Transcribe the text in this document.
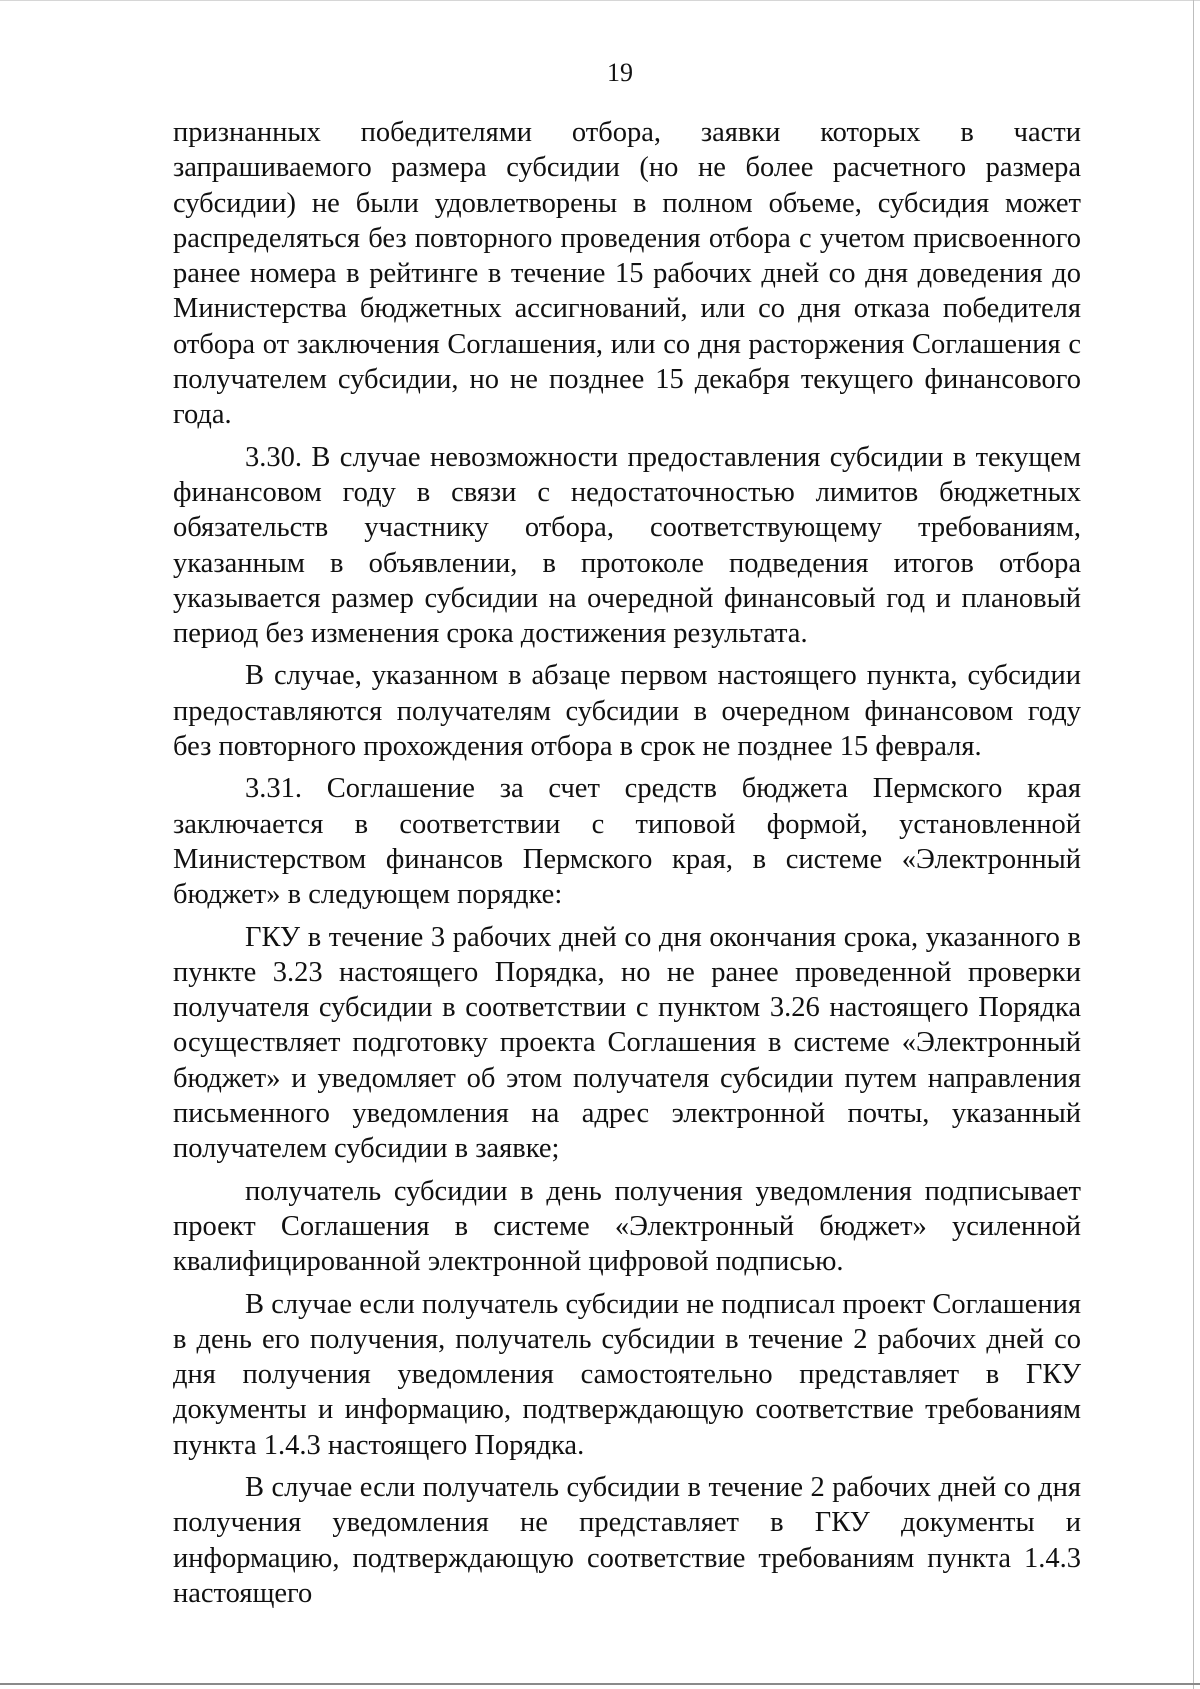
19

признанных победителями отбора, заявки которых в части запрашиваемого размера субсидии (но не более расчетного размера субсидии) не были удовлетворены в полном объеме, субсидия может распределяться без повторного проведения отбора с учетом присвоенного ранее номера в рейтинге в течение 15 рабочих дней со дня доведения до Министерства бюджетных ассигнований, или со дня отказа победителя отбора от заключения Соглашения, или со дня расторжения Соглашения с получателем субсидии, но не позднее 15 декабря текущего финансового года.

3.30. В случае невозможности предоставления субсидии в текущем финансовом году в связи с недостаточностью лимитов бюджетных обязательств участнику отбора, соответствующему требованиям, указанным в объявлении, в протоколе подведения итогов отбора указывается размер субсидии на очередной финансовый год и плановый период без изменения срока достижения результата.

В случае, указанном в абзаце первом настоящего пункта, субсидии предоставляются получателям субсидии в очередном финансовом году без повторного прохождения отбора в срок не позднее 15 февраля.

3.31. Соглашение за счет средств бюджета Пермского края заключается в соответствии с типовой формой, установленной Министерством финансов Пермского края, в системе «Электронный бюджет» в следующем порядке:

ГКУ в течение 3 рабочих дней со дня окончания срока, указанного в пункте 3.23 настоящего Порядка, но не ранее проведенной проверки получателя субсидии в соответствии с пунктом 3.26 настоящего Порядка осуществляет подготовку проекта Соглашения в системе «Электронный бюджет» и уведомляет об этом получателя субсидии путем направления письменного уведомления на адрес электронной почты, указанный получателем субсидии в заявке;

получатель субсидии в день получения уведомления подписывает проект Соглашения в системе «Электронный бюджет» усиленной квалифицированной электронной цифровой подписью.

В случае если получатель субсидии не подписал проект Соглашения в день его получения, получатель субсидии в течение 2 рабочих дней со дня получения уведомления самостоятельно представляет в ГКУ документы и информацию, подтверждающую соответствие требованиям пункта 1.4.3 настоящего Порядка.

В случае если получатель субсидии в течение 2 рабочих дней со дня получения уведомления не представляет в ГКУ документы и информацию, подтверждающую соответствие требованиям пункта 1.4.3 настоящего
